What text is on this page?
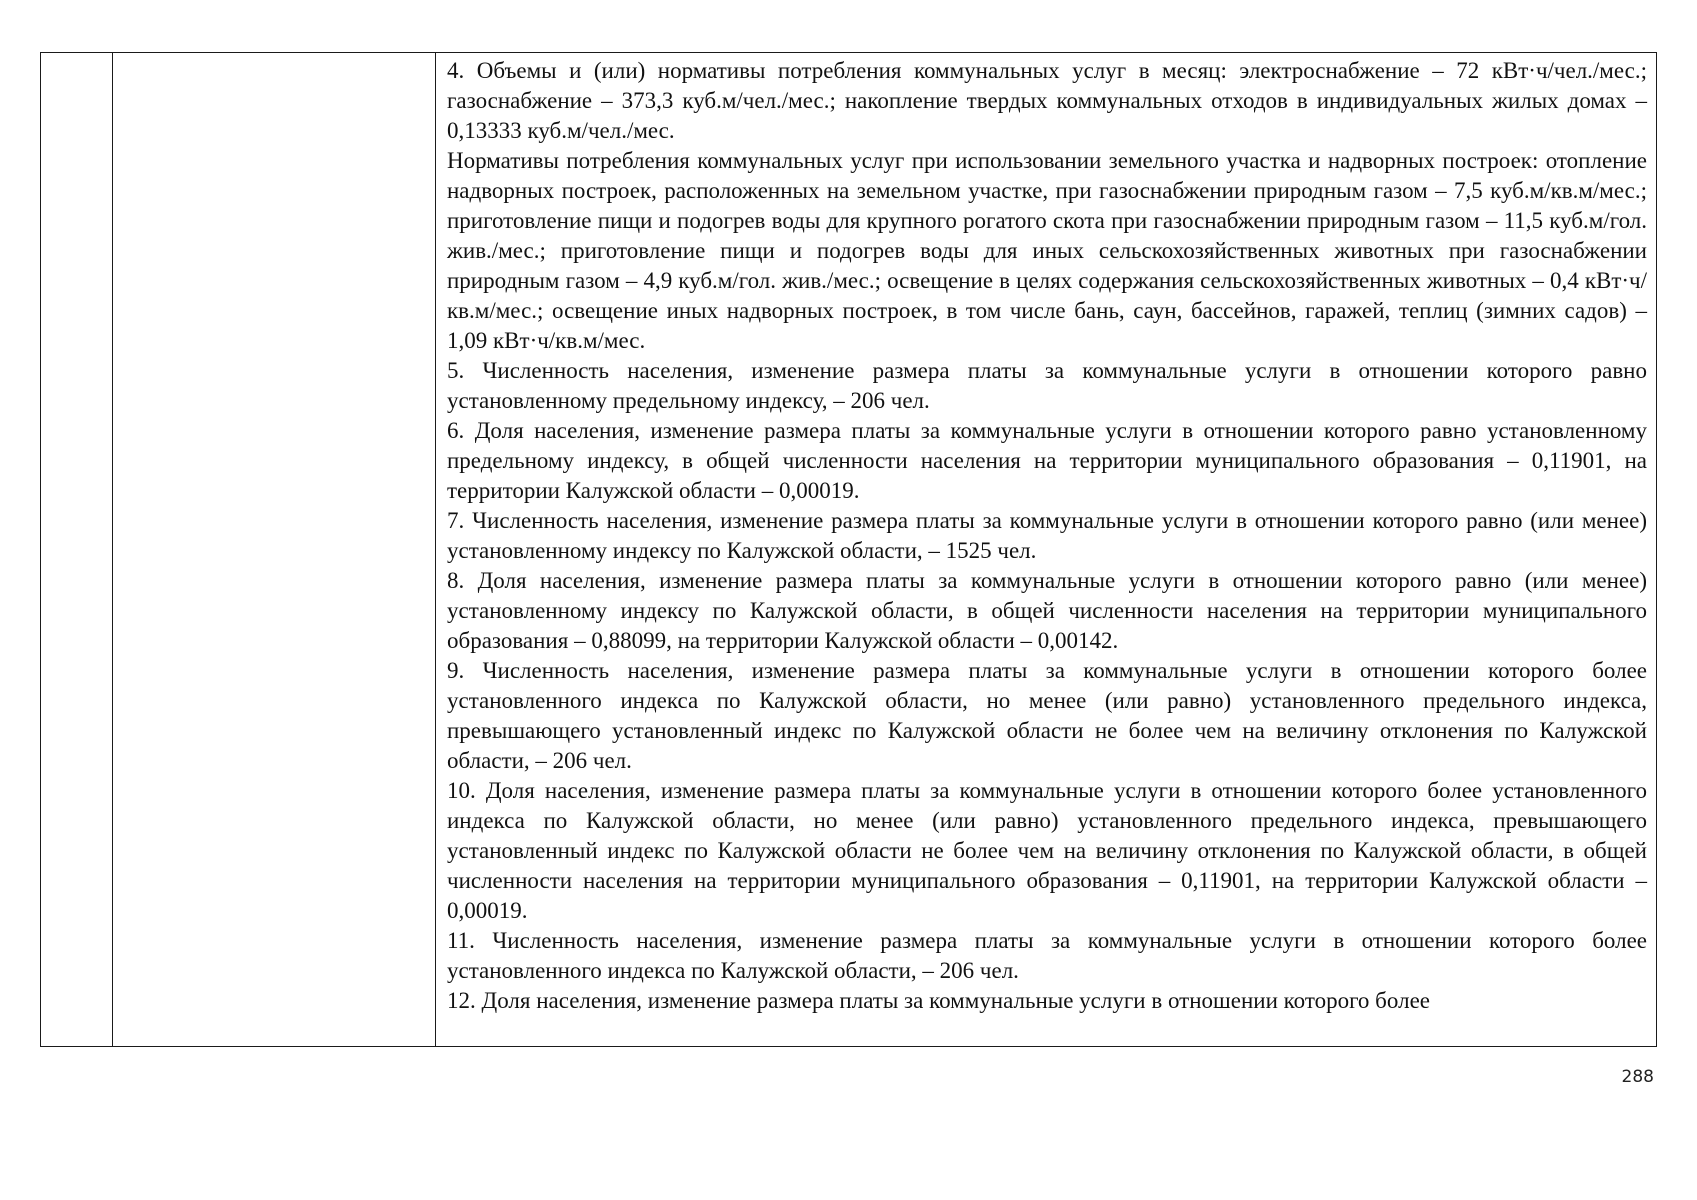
4. Объемы и (или) нормативы потребления коммунальных услуг в месяц: электроснабжение – 72 кВт·ч/чел./мес.; газоснабжение – 373,3 куб.м/чел./мес.; накопление твердых коммунальных отходов в индивидуальных жилых домах – 0,13333 куб.м/чел./мес.

Нормативы потребления коммунальных услуг при использовании земельного участка и надворных построек: отопление надворных построек, расположенных на земельном участке, при газоснабжении природным газом – 7,5 куб.м/кв.м/мес.; приготовление пищи и подогрев воды для крупного рогатого скота при газоснабжении природным газом – 11,5 куб.м/гол. жив./мес.; приготовление пищи и подогрев воды для иных сельскохозяйственных животных при газоснабжении природным газом – 4,9 куб.м/гол. жив./мес.; освещение в целях содержания сельскохозяйственных животных – 0,4 кВт·ч/кв.м/мес.; освещение иных надворных построек, в том числе бань, саун, бассейнов, гаражей, теплиц (зимних садов) – 1,09 кВт·ч/кв.м/мес.

5. Численность населения, изменение размера платы за коммунальные услуги в отношении которого равно установленному предельному индексу, – 206 чел.

6. Доля населения, изменение размера платы за коммунальные услуги в отношении которого равно установленному предельному индексу, в общей численности населения на территории муниципального образования – 0,11901, на территории Калужской области – 0,00019.

7. Численность населения, изменение размера платы за коммунальные услуги в отношении которого равно (или менее) установленному индексу по Калужской области, – 1525 чел.

8. Доля населения, изменение размера платы за коммунальные услуги в отношении которого равно (или менее) установленному индексу по Калужской области, в общей численности населения на территории муниципального образования – 0,88099, на территории Калужской области – 0,00142.

9. Численность населения, изменение размера платы за коммунальные услуги в отношении которого более установленного индекса по Калужской области, но менее (или равно) установленного предельного индекса, превышающего установленный индекс по Калужской области не более чем на величину отклонения по Калужской области, – 206 чел.

10. Доля населения, изменение размера платы за коммунальные услуги в отношении которого более установленного индекса по Калужской области, но менее (или равно) установленного предельного индекса, превышающего установленный индекс по Калужской области не более чем на величину отклонения по Калужской области, в общей численности населения на территории муниципального образования – 0,11901, на территории Калужской области – 0,00019.

11. Численность населения, изменение размера платы за коммунальные услуги в отношении которого более установленного индекса по Калужской области, – 206 чел.

12. Доля населения, изменение размера платы за коммунальные услуги в отношении которого более

288
